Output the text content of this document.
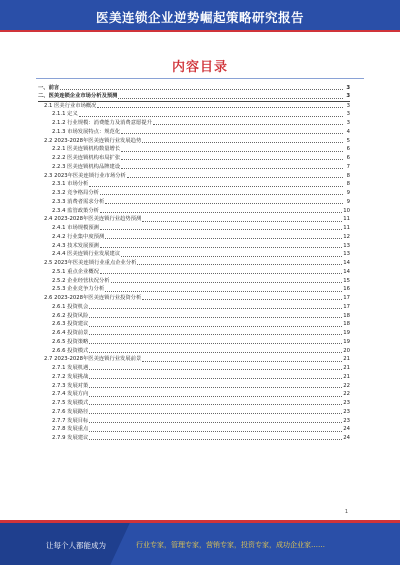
医美连锁企业逆势崛起策略研究报告
内容目录
一、前言	3
二、医美连锁企业市场分析及预测	3
2.1 医美行业市场概况	3
2.1.1 定义	3
2.1.2 行业规模：消费能力及消费意愿提升	3
2.1.3 市场发展特点：规范化	4
2.2 2023-2028年医美连锁行业发展趋势	5
2.2.1 医美连锁机构数量增长	6
2.2.2 医美连锁机构布局扩张	6
2.2.3 医美连锁机构品牌建设	7
2.3 2023年医美连锁行业市场分析	8
2.3.1 市场分析	8
2.3.2 竞争格局分析	9
2.3.3 消费者需求分析	9
2.3.4 监管政策分析	10
2.4 2023-2028年医美连锁行业趋势预测	11
2.4.1 市场规模预测	11
2.4.2 行业集中度预测	12
2.4.3 技术发展预测	13
2.4.4 医美连锁行业发展建议	13
2.5 2023年医美连锁行业重点企业分析	14
2.5.1 重点企业概况	14
2.5.2 企业经营状况分析	15
2.5.3 企业竞争力分析	16
2.6 2023-2028年医美连锁行业投资分析	17
2.6.1 投资机会	17
2.6.2 投资风险	18
2.6.3 投资建议	18
2.6.4 投资前景	19
2.6.5 投资策略	19
2.6.6 投资模式	20
2.7 2023-2028年医美连锁行业发展前景	21
2.7.1 发展机遇	21
2.7.2 发展挑战	21
2.7.3 发展对策	22
2.7.4 发展方向	22
2.7.5 发展模式	23
2.7.6 发展路径	23
2.7.7 发展目标	23
2.7.8 发展重点	24
2.7.9 发展建议	24
1
让每个人都能成为	行业专家，管理专家，营销专家，投资专家，成功企业家……
